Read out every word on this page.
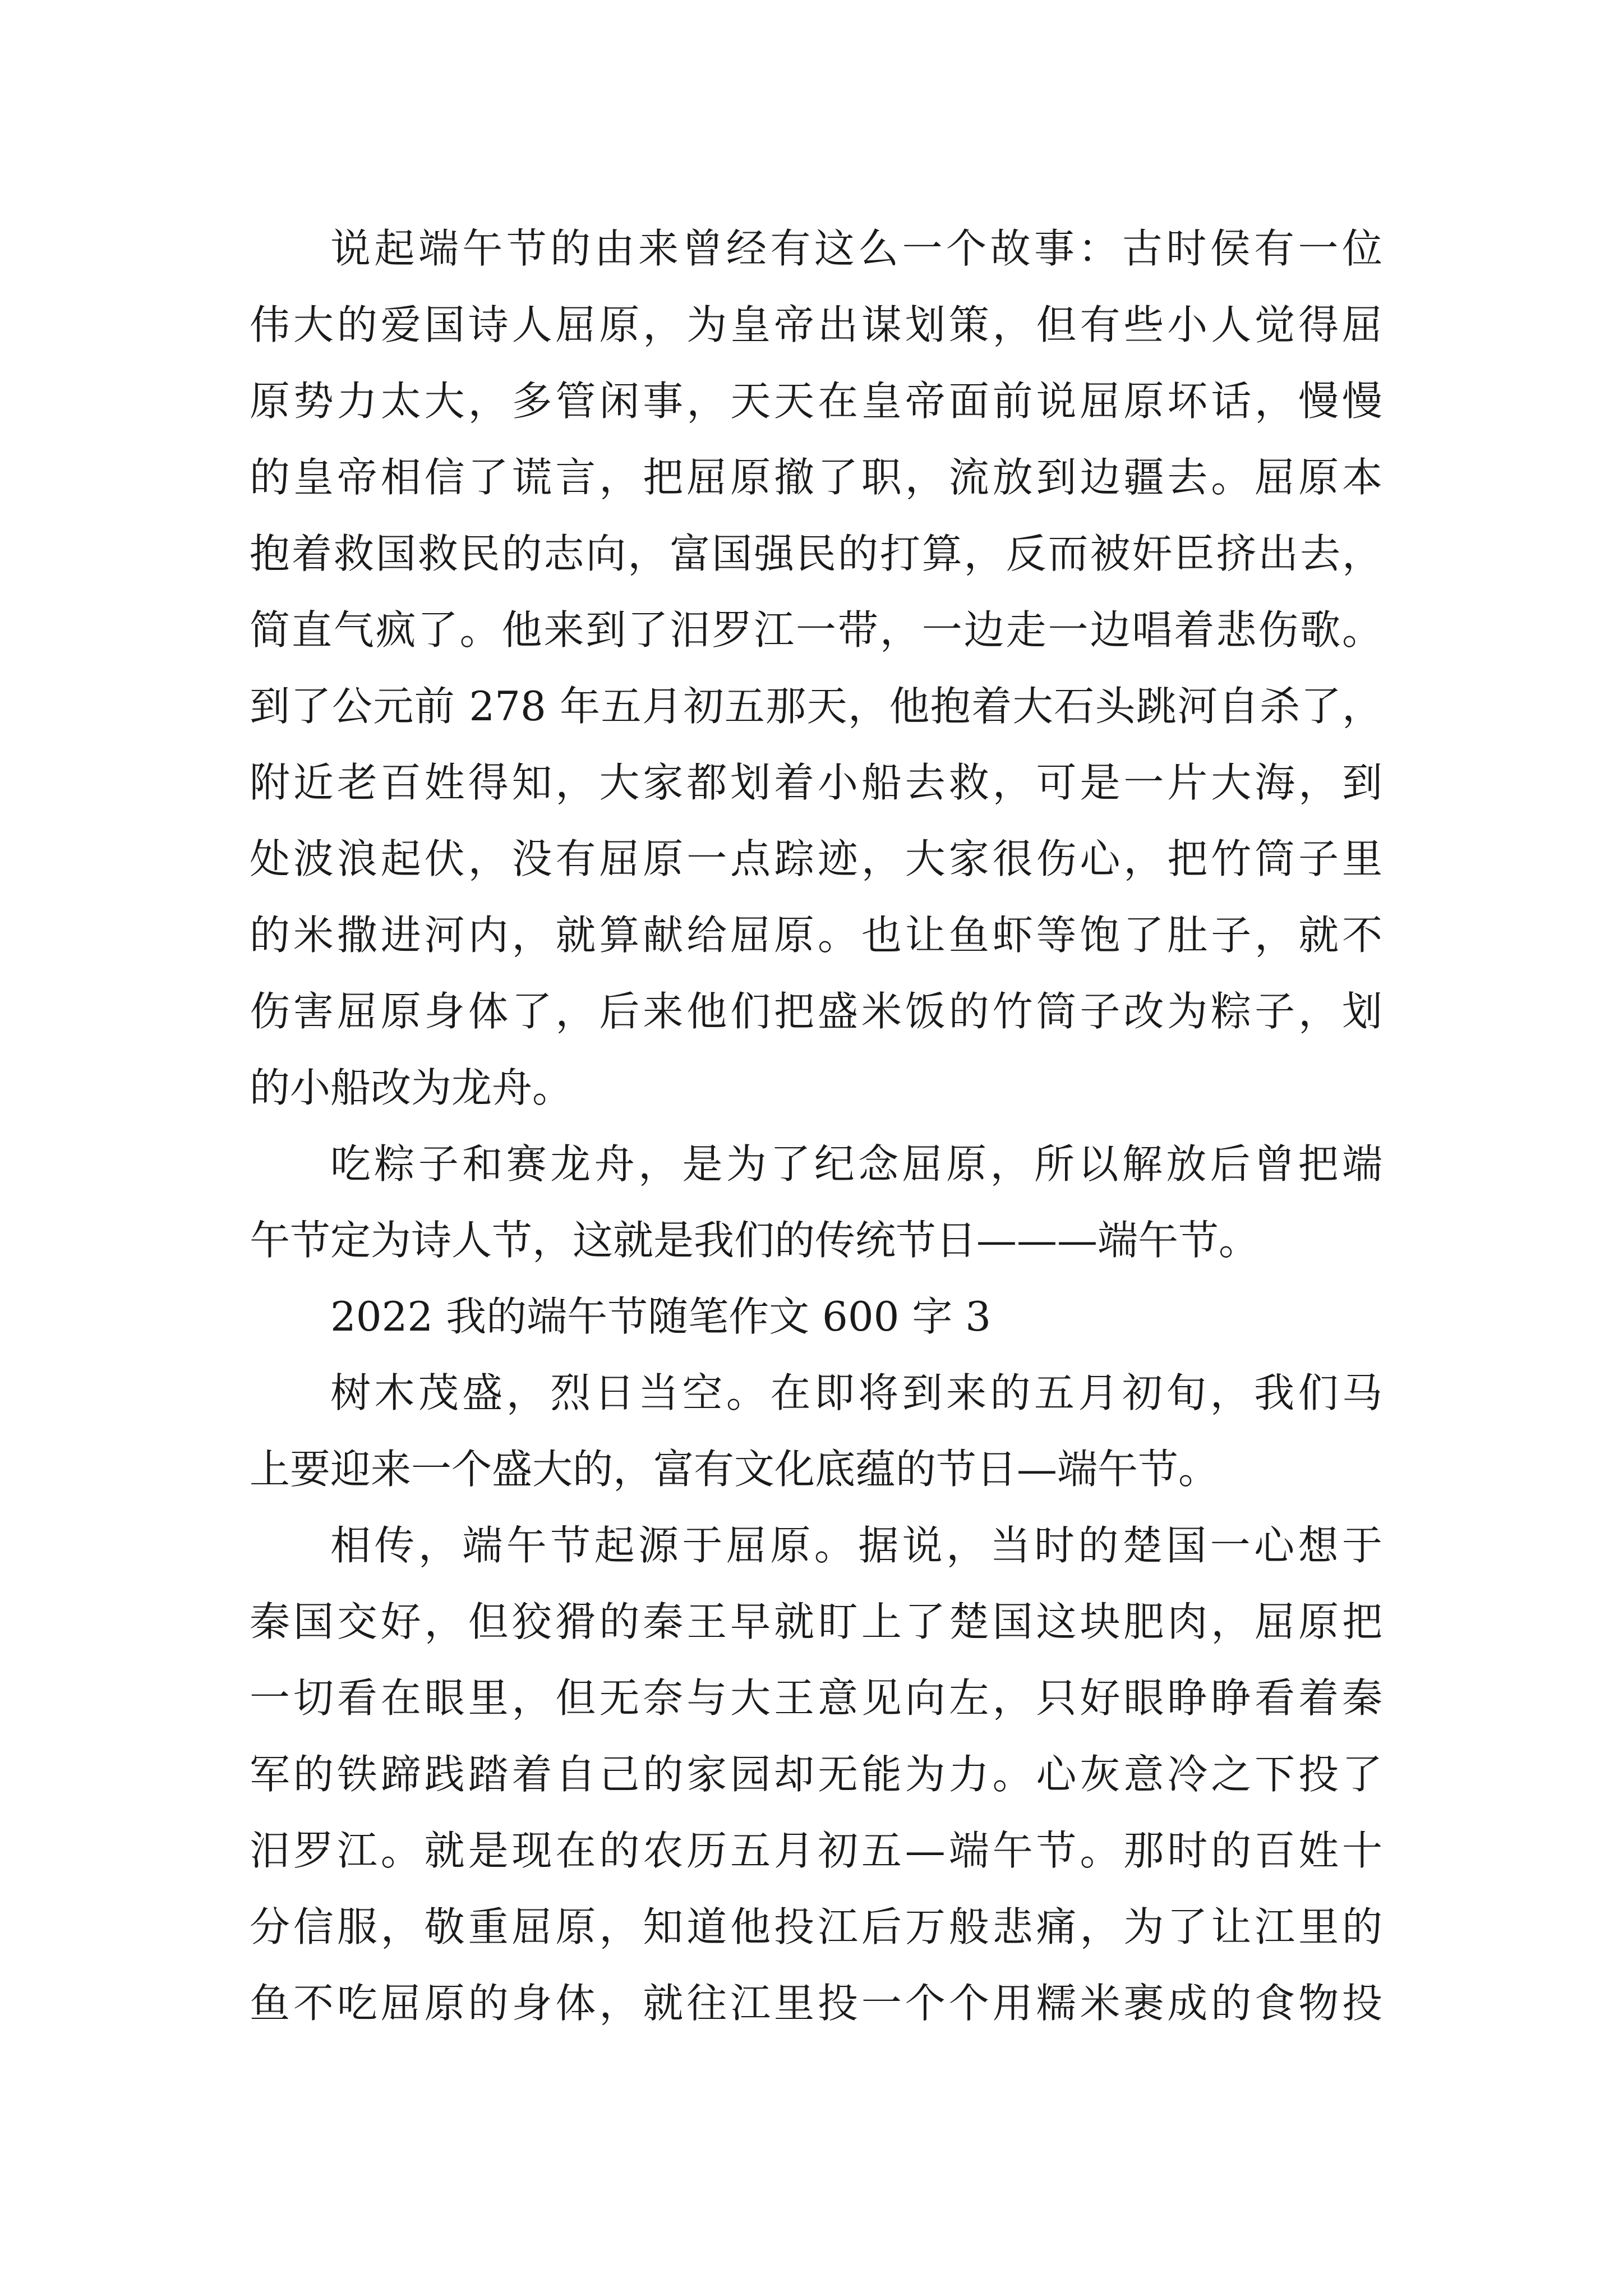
说起端午节的由来曾经有这么一个故事：古时侯有一位
伟大的爱国诗人屈原，为皇帝出谋划策，但有些小人觉得屈
原势力太大，多管闲事，天天在皇帝面前说屈原坏话，慢慢
的皇帝相信了谎言，把屈原撤了职，流放到边疆去。屈原本
抱着救国救民的志向，富国强民的打算，反而被奸臣挤出去，
简直气疯了。他来到了汨罗江一带，一边走一边唱着悲伤歌。
到了公元前 278 年五月初五那天，他抱着大石头跳河自杀了，
附近老百姓得知，大家都划着小船去救，可是一片大海，到
处波浪起伏，没有屈原一点踪迹，大家很伤心，把竹筒子里
的米撒进河内，就算献给屈原。也让鱼虾等饱了肚子，就不
伤害屈原身体了，后来他们把盛米饭的竹筒子改为粽子，划
的小船改为龙舟。
吃粽子和赛龙舟，是为了纪念屈原，所以解放后曾把端
午节定为诗人节，这就是我们的传统节日———端午节。
2022 我的端午节随笔作文 600 字 3
树木茂盛，烈日当空。在即将到来的五月初旬，我们马
上要迎来一个盛大的，富有文化底蕴的节日—端午节。
相传，端午节起源于屈原。据说，当时的楚国一心想于
秦国交好，但狡猾的秦王早就盯上了楚国这块肥肉，屈原把
一切看在眼里，但无奈与大王意见向左，只好眼睁睁看着秦
军的铁蹄践踏着自己的家园却无能为力。心灰意冷之下投了
汨罗江。就是现在的农历五月初五—端午节。那时的百姓十
分信服，敬重屈原，知道他投江后万般悲痛，为了让江里的
鱼不吃屈原的身体，就往江里投一个个用糯米裹成的食物投
